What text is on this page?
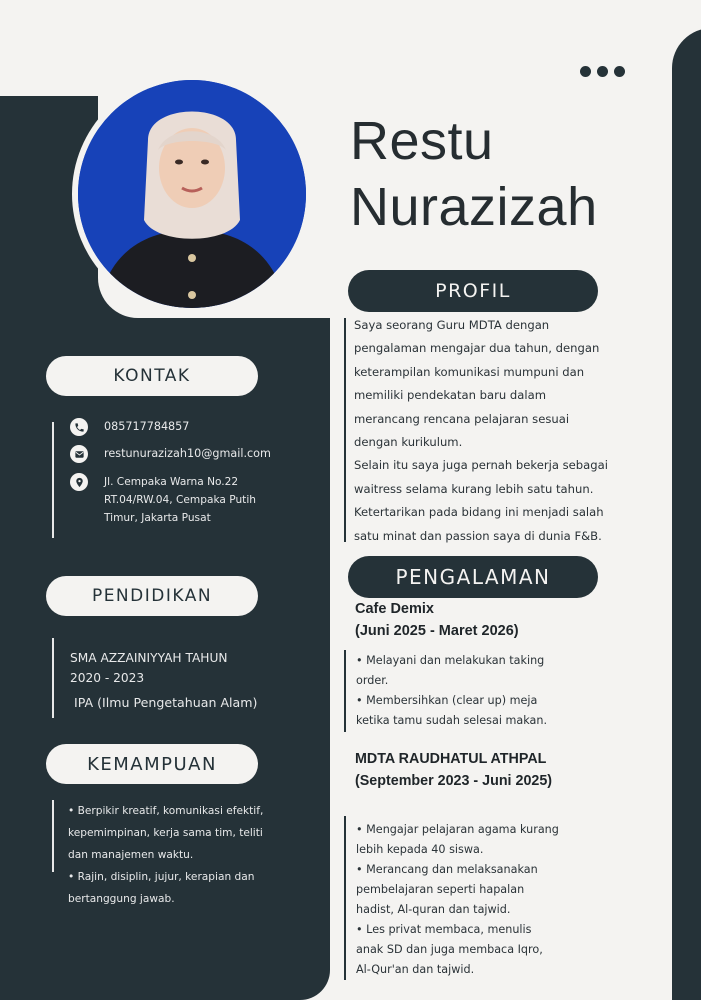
Restu
Nurazizah
PROFIL
Saya seorang Guru MDTA dengan
pengalaman mengajar dua tahun, dengan
keterampilan komunikasi mumpuni dan
memiliki pendekatan baru dalam
merancang rencana pelajaran sesuai
dengan kurikulum.
Selain itu saya juga pernah bekerja sebagai
waitress selama kurang lebih satu tahun.
Ketertarikan pada bidang ini menjadi salah
satu minat dan passion saya di dunia F&B.
PENGALAMAN
Cafe Demix
(Juni 2025 - Maret 2026)

• Melayani dan melakukan taking

order.

• Membersihkan (clear up) meja

ketika tamu sudah selesai makan.

MDTA RAUDHATUL ATHPAL
(September 2023 - Juni 2025)

• Mengajar pelajaran agama kurang

lebih kepada 40 siswa.

• Merancang dan melaksanakan

pembelajaran seperti hapalan

hadist, Al-quran dan tajwid.

• Les privat membaca, menulis

anak SD dan juga membaca Iqro,

Al-Qur'an dan tajwid.

KONTAK
085717784857
restunurazizah10@gmail.com
Jl. Cempaka Warna No.22
RT.04/RW.04, Cempaka Putih
Timur, Jakarta Pusat
PENDIDIKAN
SMA AZZAINIYYAH TAHUN
2020 - 2023
IPA (Ilmu Pengetahuan Alam)
KEMAMPUAN

• Berpikir kreatif, komunikasi efektif,

kepemimpinan, kerja sama tim, teliti

dan manajemen waktu.

• Rajin, disiplin, jujur, kerapian dan

bertanggung jawab.
